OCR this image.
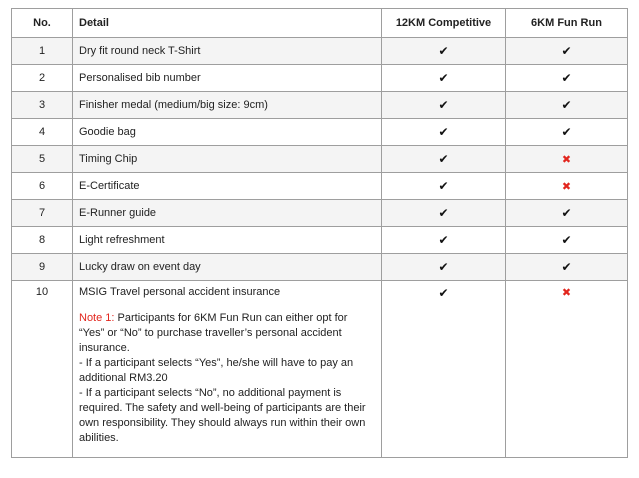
No.	Detail	12KM Competitive	6KM Fun Run
1	Dry fit round neck T-Shirt	✔	✔
2	Personalised bib number	✔	✔
3	Finisher medal (medium/big size: 9cm)	✔	✔
4	Goodie bag	✔	✔
5	Timing Chip	✔	✖
6	E-Certificate	✔	✖
7	E-Runner guide	✔	✔
8	Light refreshment	✔	✔
9	Lucky draw on event day	✔	✔
10	MSIG Travel personal accident insurance
Note 1: Participants for 6KM Fun Run can either opt for “Yes” or “No” to purchase traveller’s personal accident insurance.
- If a participant selects “Yes”, he/she will have to pay an additional RM3.20
- If a participant selects “No”, no additional payment is required. The safety and well-being of participants are their own responsibility. They should always run within their own abilities.	✔	✖
